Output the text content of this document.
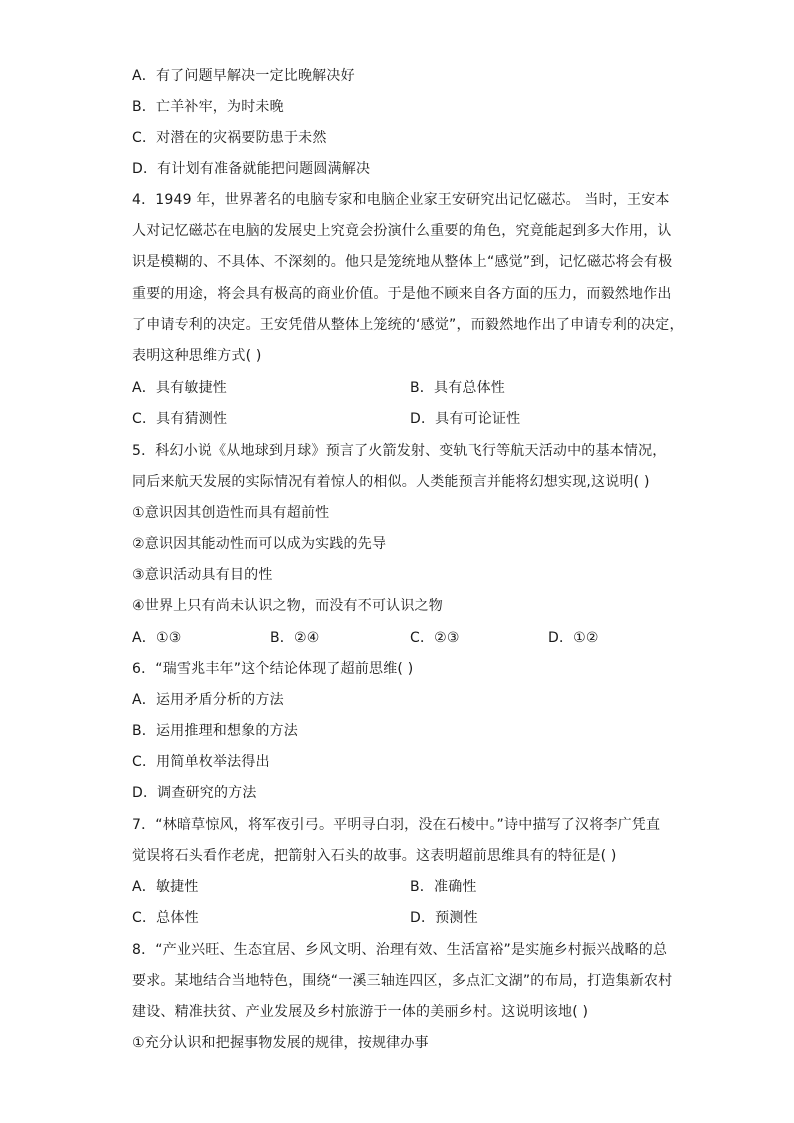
A．有了问题早解决一定比晚解决好
B．亡羊补牢，为时未晚
C．对潜在的灾祸要防患于未然
D．有计划有准备就能把问题圆满解决
4．1949 年，世界著名的电脑专家和电脑企业家王安研究出记忆磁芯。 当时，王安本
人对记忆磁芯在电脑的发展史上究竟会扮演什么重要的角色，究竟能起到多大作用，认
识是模糊的、不具体、不深刻的。他只是笼统地从整体上“感觉”到，记忆磁芯将会有极
重要的用途，将会具有极高的商业价值。于是他不顾来自各方面的压力，而毅然地作出
了申请专利的决定。王安凭借从整体上笼统的‘感觉”，而毅然地作出了申请专利的决定，
表明这种思维方式( )
A．具有敏捷性	B．具有总体性
C．具有猜测性	D．具有可论证性
5．科幻小说《从地球到月球》预言了火箭发射、变轨飞行等航天活动中的基本情况，
同后来航天发展的实际情况有着惊人的相似。人类能预言并能将幻想实现,这说明( )
①意识因其创造性而具有超前性
②意识因其能动性而可以成为实践的先导
③意识活动具有目的性
④世界上只有尚未认识之物，而没有不可认识之物
A．①③	B．②④	C．②③	D．①②
6．“瑞雪兆丰年”这个结论体现了超前思维( )
A．运用矛盾分析的方法
B．运用推理和想象的方法
C．用简单枚举法得出
D．调查研究的方法
7．“林暗草惊风，将军夜引弓。平明寻白羽，没在石棱中。”诗中描写了汉将李广凭直
觉误将石头看作老虎，把箭射入石头的故事。这表明超前思维具有的特征是( )
A．敏捷性	B．准确性
C．总体性	D．预测性
8．“产业兴旺、生态宜居、乡风文明、治理有效、生活富裕”是实施乡村振兴战略的总
要求。某地结合当地特色，围绕“一溪三轴连四区，多点汇文湖”的布局，打造集新农村
建设、精准扶贫、产业发展及乡村旅游于一体的美丽乡村。这说明该地( )
①充分认识和把握事物发展的规律，按规律办事
